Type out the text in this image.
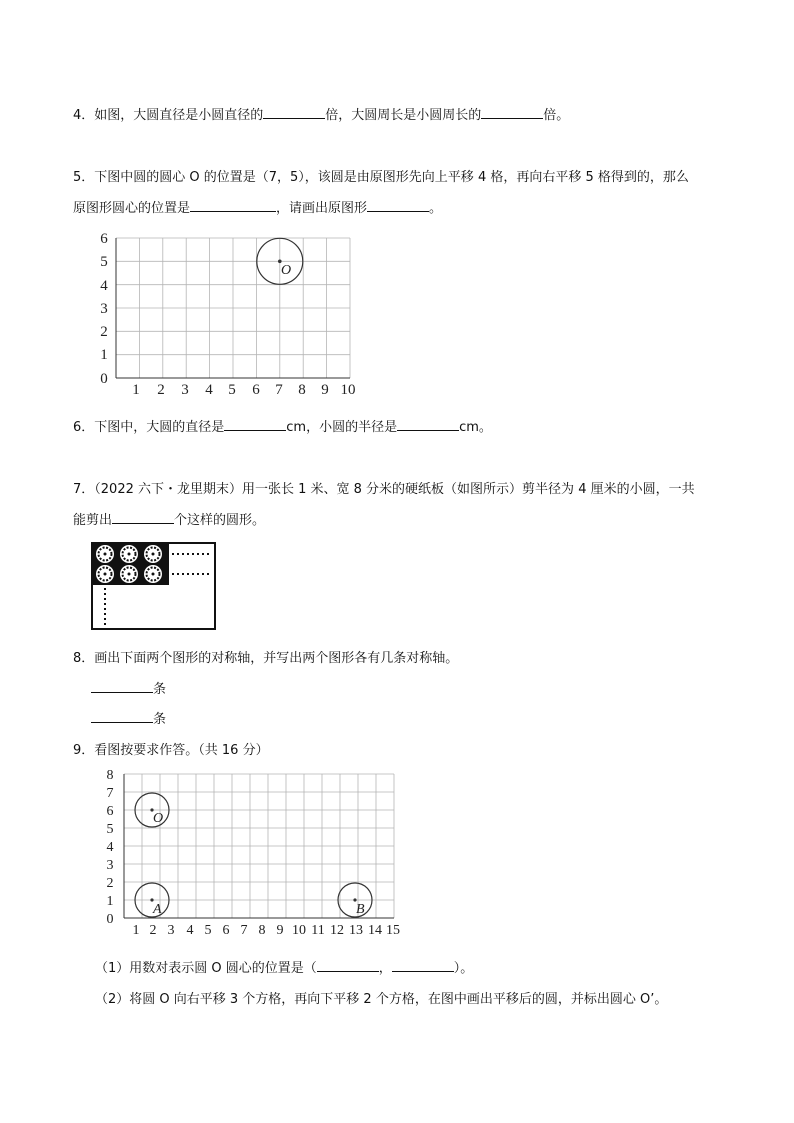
4．如图，大圆直径是小圆直径的	倍，大圆周长是小圆周长的	倍。
5．下图中圆的圆心 O 的位置是（7，5），该圆是由原图形先向上平移 4 格，再向右平移 5 格得到的，那么
原图形圆心的位置是	，请画出原图形	。
1 2 3 4 5 6 7 8 9 10
0
1
2
3
4
5
6
O
6．下图中，大圆的直径是	cm，小圆的半径是	cm。
7．（2022 六下・龙里期末）用一张长 1 米、宽 8 分米的硬纸板（如图所示）剪半径为 4 厘米的小圆，一共
能剪出	个这样的圆形。
8．画出下面两个图形的对称轴，并写出两个图形各有几条对称轴。
条
条
9．看图按要求作答。（共 16 分）
1 2 3 4 5 6 7 8 9 10 11 12 13 14 15
0
1
2
3
4
5
6
7
8
O
A	B
（1）用数对表示圆 O 圆心的位置是（	，	）。
（2）将圆 O 向右平移 3 个方格，再向下平移 2 个方格，在图中画出平移后的圆，并标出圆心 O’。
